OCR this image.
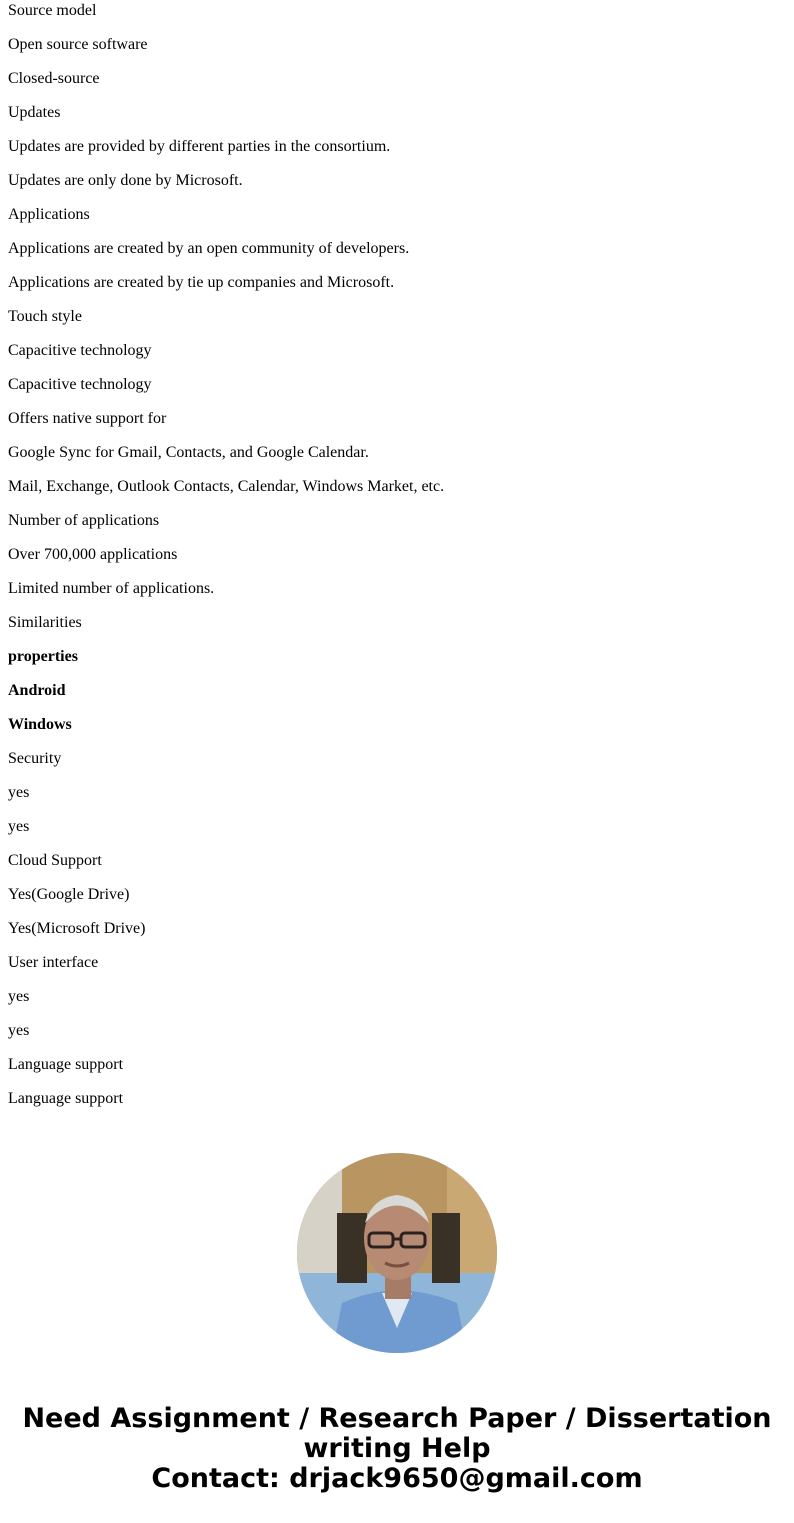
Source model
Open source software
Closed-source
Updates
Updates are provided by different parties in the consortium.
Updates are only done by Microsoft.
Applications
Applications are created by an open community of developers.
Applications are created by tie up companies and Microsoft.
Touch style
Capacitive technology
Capacitive technology
Offers native support for
Google Sync for Gmail, Contacts, and Google Calendar.
Mail, Exchange, Outlook Contacts, Calendar, Windows Market, etc.
Number of applications
Over 700,000 applications
Limited number of applications.
Similarities
properties
Android
Windows
Security
yes
yes
Cloud Support
Yes(Google Drive)
Yes(Microsoft Drive)
User interface
yes
yes
Language support
Language support
Need Assignment / Research Paper / Dissertation
writing Help
Contact: drjack9650@gmail.com
